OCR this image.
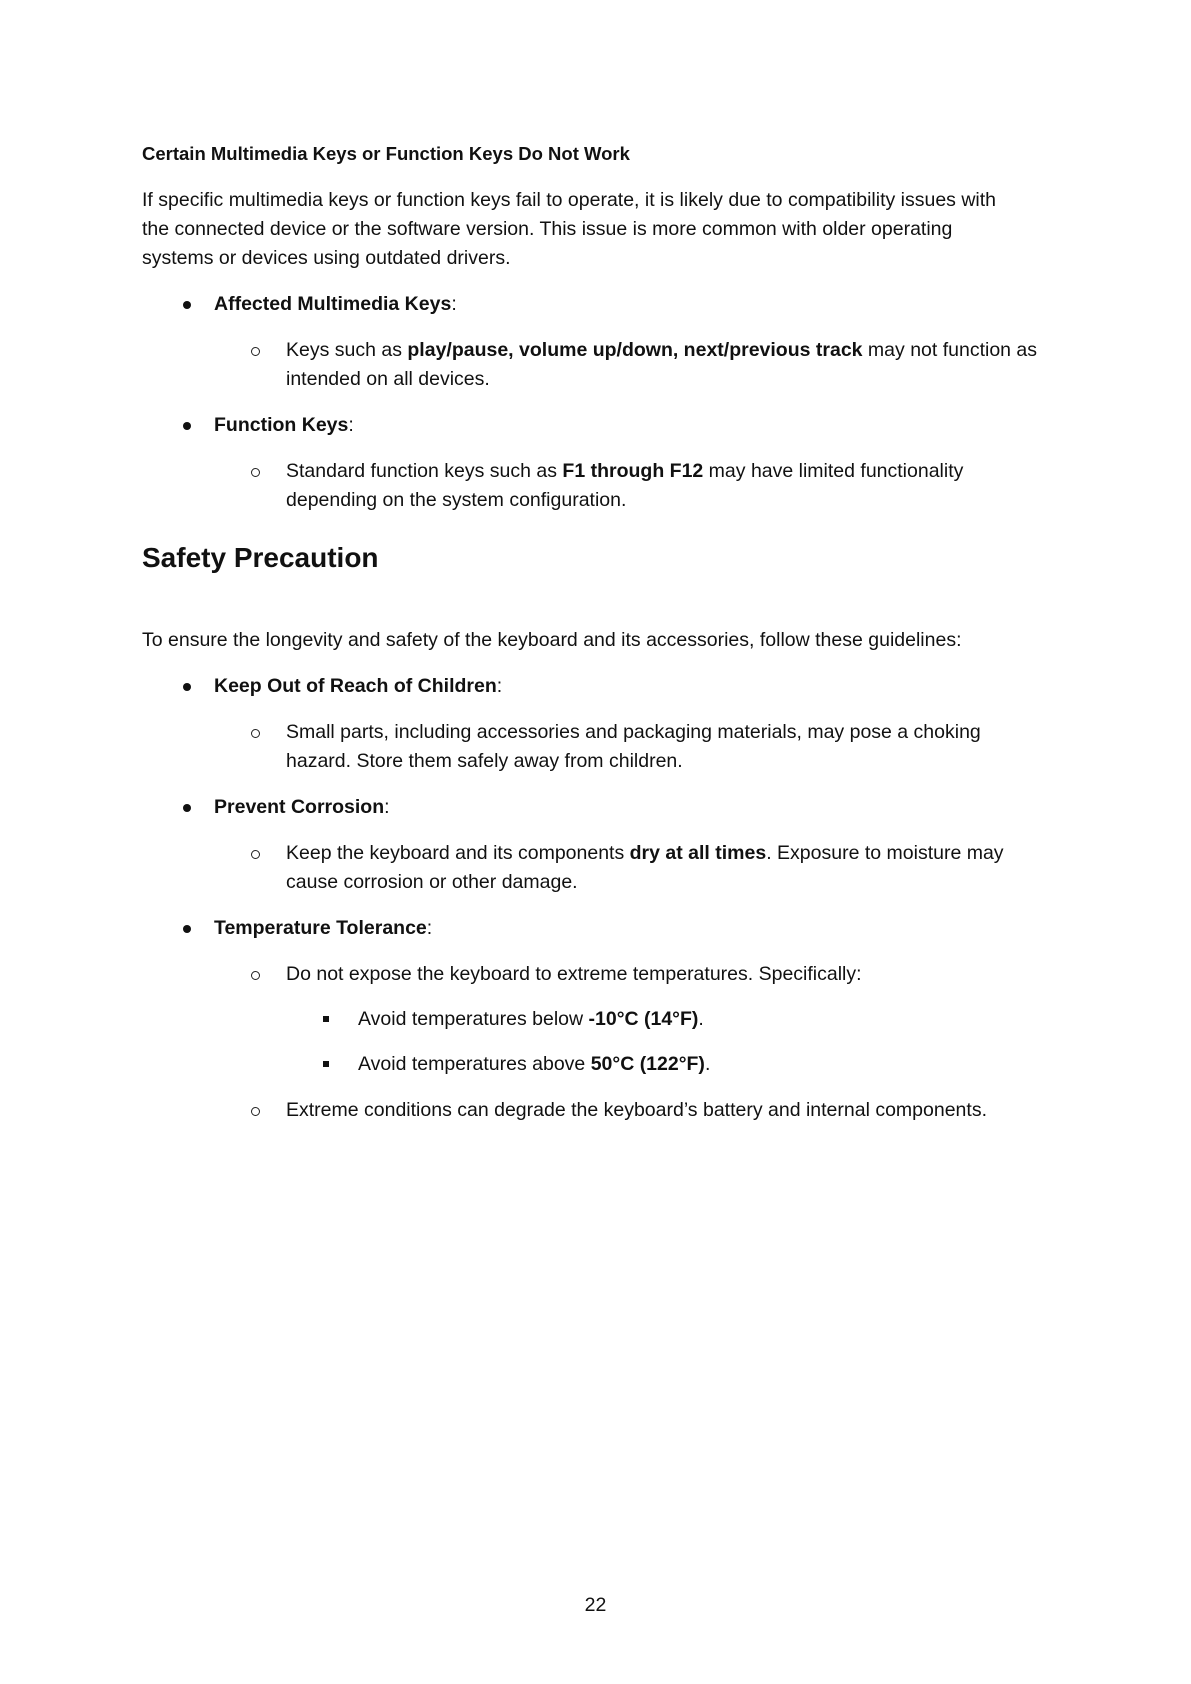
Certain Multimedia Keys or Function Keys Do Not Work

If specific multimedia keys or function keys fail to operate, it is likely due to compatibility issues with

the connected device or the software version. This issue is more common with older operating

systems or devices using outdated drivers.

Affected Multimedia Keys:

Keys such as play/pause, volume up/down, next/previous track may not function as

intended on all devices.

Function Keys:

Standard function keys such as F1 through F12 may have limited functionality

depending on the system configuration.

Safety Precaution

To ensure the longevity and safety of the keyboard and its accessories, follow these guidelines:

Keep Out of Reach of Children:

Small parts, including accessories and packaging materials, may pose a choking

hazard. Store them safely away from children.

Prevent Corrosion:

Keep the keyboard and its components dry at all times. Exposure to moisture may

cause corrosion or other damage.

Temperature Tolerance:

Do not expose the keyboard to extreme temperatures. Specifically:

Avoid temperatures below -10°C (14°F).

Avoid temperatures above 50°C (122°F).

Extreme conditions can degrade the keyboard’s battery and internal components.

22
